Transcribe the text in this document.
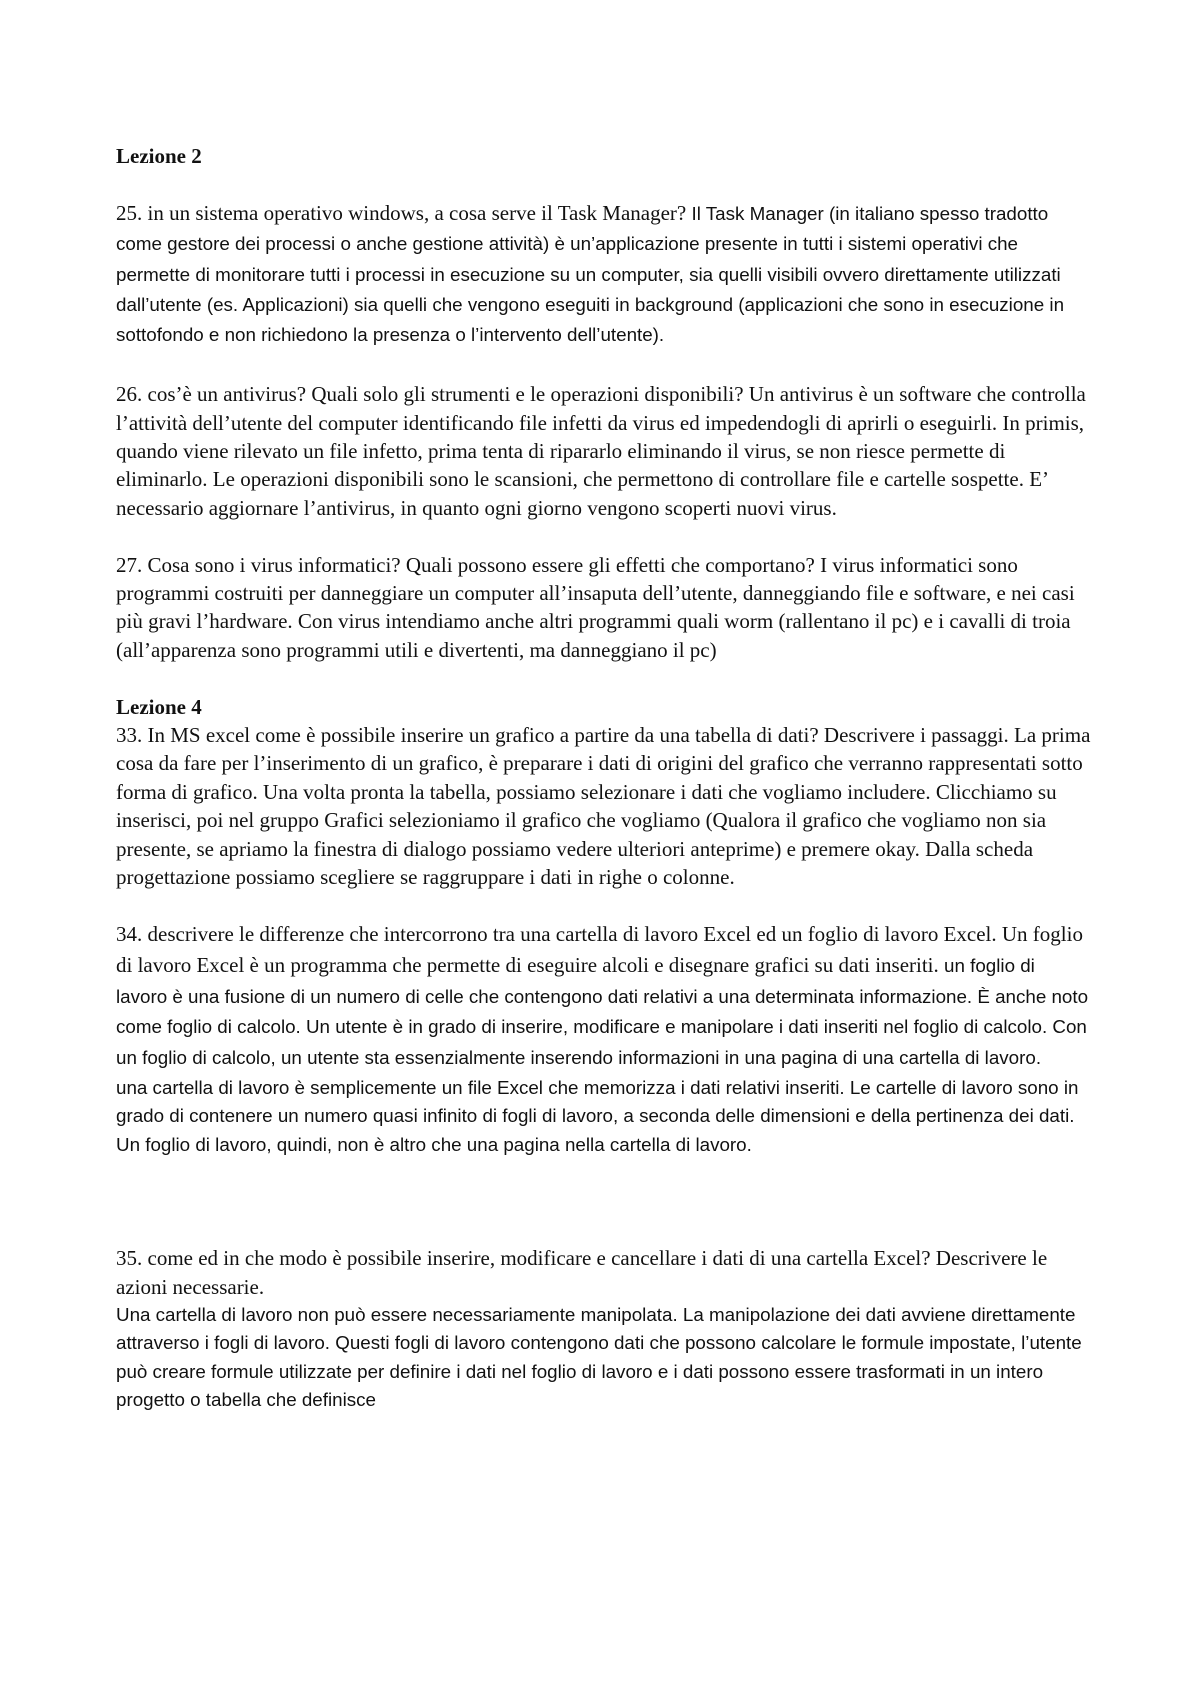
Lezione 2

25. in un sistema operativo windows, a cosa serve il Task Manager? Il Task Manager (in italiano spesso tradotto come gestore dei processi o anche gestione attività) è un’applicazione presente in tutti i sistemi operativi che permette di monitorare tutti i processi in esecuzione su un computer, sia quelli visibili ovvero direttamente utilizzati dall’utente (es. Applicazioni) sia quelli che vengono eseguiti in background (applicazioni che sono in esecuzione in sottofondo e non richiedono la presenza o l’intervento dell’utente).

26. cos’è un antivirus? Quali solo gli strumenti e le operazioni disponibili? Un antivirus è un software che controlla l’attività dell’utente del computer identificando file infetti da virus ed impedendogli di aprirli o eseguirli. In primis, quando viene rilevato un file infetto, prima tenta di ripararlo eliminando il virus, se non riesce permette di eliminarlo. Le operazioni disponibili sono le scansioni, che permettono di controllare file e cartelle sospette. E’ necessario aggiornare l’antivirus, in quanto ogni giorno vengono scoperti nuovi virus.

27. Cosa sono i virus informatici? Quali possono essere gli effetti che comportano? I virus informatici sono programmi costruiti per danneggiare un computer all’insaputa dell’utente, danneggiando file e software, e nei casi più gravi l’hardware. Con virus intendiamo anche altri programmi quali worm (rallentano il pc) e i cavalli di troia (all’apparenza sono programmi utili e divertenti, ma danneggiano il pc)

Lezione 4

33. In MS excel come è possibile inserire un grafico a partire da una tabella di dati? Descrivere i passaggi. La prima cosa da fare per l’inserimento di un grafico, è preparare i dati di origini del grafico che verranno rappresentati sotto forma di grafico. Una volta pronta la tabella, possiamo selezionare i dati che vogliamo includere. Clicchiamo su inserisci, poi nel gruppo Grafici selezioniamo il grafico che vogliamo (Qualora il grafico che vogliamo non sia presente, se apriamo la finestra di dialogo possiamo vedere ulteriori anteprime) e premere okay. Dalla scheda progettazione possiamo scegliere se raggruppare i dati in righe o colonne.

34. descrivere le differenze che intercorrono tra una cartella di lavoro Excel ed un foglio di lavoro Excel. Un foglio di lavoro Excel è un programma che permette di eseguire alcoli e disegnare grafici su dati inseriti. un foglio di lavoro è una fusione di un numero di celle che contengono dati relativi a una determinata informazione. È anche noto come foglio di calcolo. Un utente è in grado di inserire, modificare e manipolare i dati inseriti nel foglio di calcolo. Con un foglio di calcolo, un utente sta essenzialmente inserendo informazioni in una pagina di una cartella di lavoro.

una cartella di lavoro è semplicemente un file Excel che memorizza i dati relativi inseriti. Le cartelle di lavoro sono in grado di contenere un numero quasi infinito di fogli di lavoro, a seconda delle dimensioni e della pertinenza dei dati. Un foglio di lavoro, quindi, non è altro che una pagina nella cartella di lavoro.

35. come ed in che modo è possibile inserire, modificare e cancellare i dati di una cartella Excel? Descrivere le azioni necessarie.

Una cartella di lavoro non può essere necessariamente manipolata. La manipolazione dei dati avviene direttamente attraverso i fogli di lavoro. Questi fogli di lavoro contengono dati che possono calcolare le formule impostate, l’utente può creare formule utilizzate per definire i dati nel foglio di lavoro e i dati possono essere trasformati in un intero progetto o tabella che definisce
